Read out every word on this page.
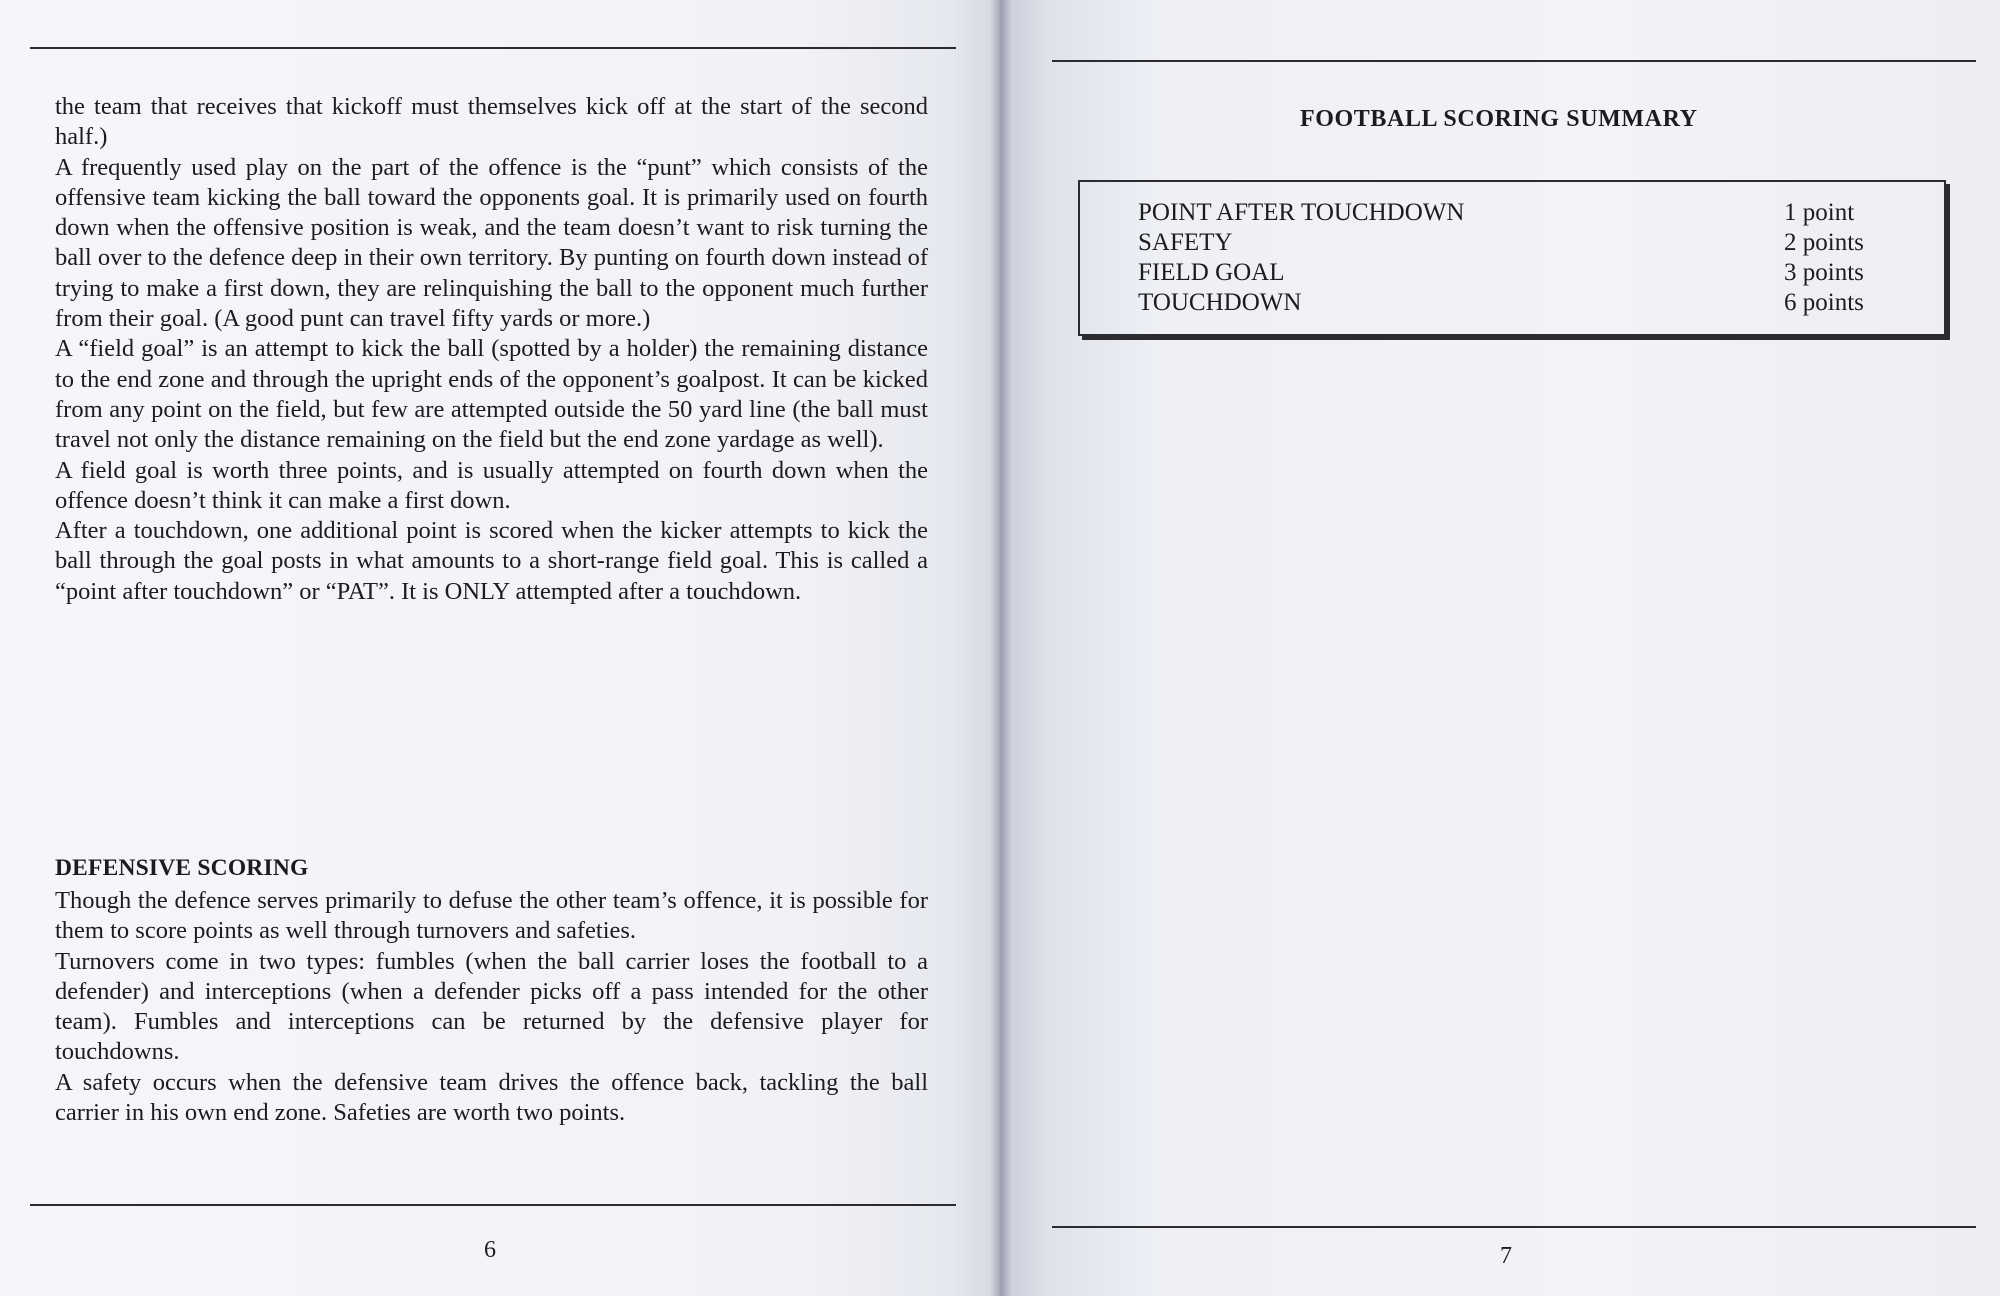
the team that receives that kickoff must themselves kick off at the start of the second half.)

A frequently used play on the part of the offence is the “punt” which consists of the offensive team kicking the ball toward the opponents goal. It is primarily used on fourth down when the offensive position is weak, and the team doesn’t want to risk turning the ball over to the defence deep in their own territory. By punting on fourth down instead of trying to make a first down, they are relinquishing the ball to the opponent much further from their goal. (A good punt can travel fifty yards or more.)

A “field goal” is an attempt to kick the ball (spotted by a holder) the remaining distance to the end zone and through the upright ends of the opponent’s goalpost. It can be kicked from any point on the field, but few are attempted outside the 50 yard line (the ball must travel not only the distance remaining on the field but the end zone yardage as well).

A field goal is worth three points, and is usually attempted on fourth down when the offence doesn’t think it can make a first down.

After a touchdown, one additional point is scored when the kicker attempts to kick the ball through the goal posts in what amounts to a short-range field goal. This is called a “point after touchdown” or “PAT”. It is ONLY attempted after a touchdown.

DEFENSIVE SCORING

Though the defence serves primarily to defuse the other team’s offence, it is possible for them to score points as well through turnovers and safeties.

Turnovers come in two types: fumbles (when the ball carrier loses the football to a defender) and interceptions (when a defender picks off a pass intended for the other team). Fumbles and interceptions can be returned by the defensive player for touchdowns.

A safety occurs when the defensive team drives the offence back, tackling the ball carrier in his own end zone. Safeties are worth two points.

6	7
FOOTBALL SCORING SUMMARY
POINT AFTER TOUCHDOWN	1 point
SAFETY	2 points
FIELD GOAL	3 points
TOUCHDOWN	6 points
